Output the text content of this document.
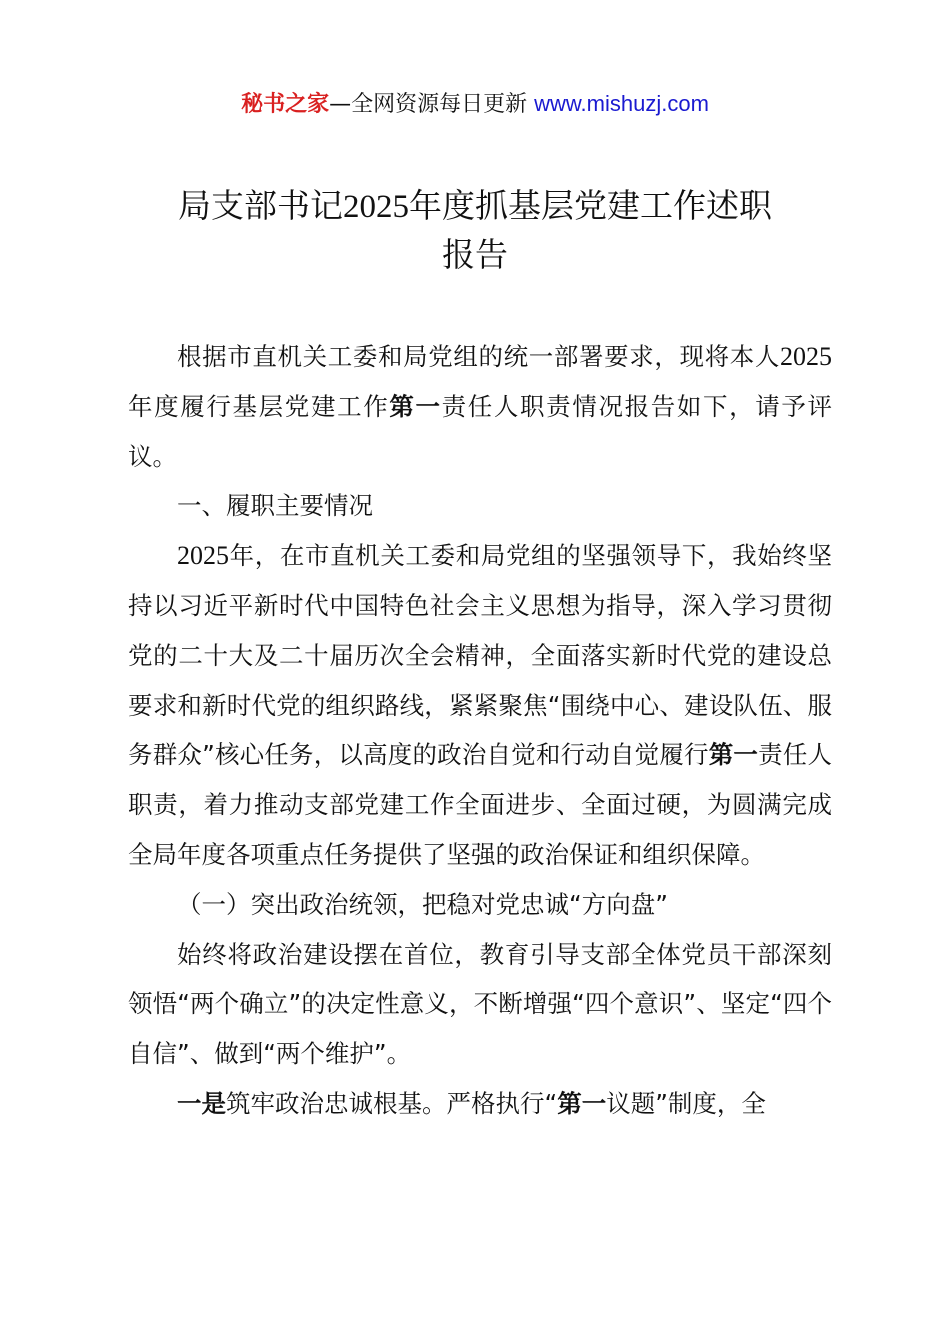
秘书之家—全网资源每日更新 www.mishuzj.com
局支部书记2025年度抓基层党建工作述职
报告

根据市直机关工委和局党组的统一部署要求，现将本人2025年度履行基层党建工作第一责任人职责情况报告如下，请予评议。

一、履职主要情况

2025年，在市直机关工委和局党组的坚强领导下，我始终坚持以习近平新时代中国特色社会主义思想为指导，深入学习贯彻党的二十大及二十届历次全会精神，全面落实新时代党的建设总要求和新时代党的组织路线，紧紧聚焦“围绕中心、建设队伍、服务群众”核心任务，以高度的政治自觉和行动自觉履行第一责任人职责，着力推动支部党建工作全面进步、全面过硬，为圆满完成全局年度各项重点任务提供了坚强的政治保证和组织保障。

（一）突出政治统领，把稳对党忠诚“方向盘”

始终将政治建设摆在首位，教育引导支部全体党员干部深刻领悟“两个确立”的决定性意义，不断增强“四个意识”、坚定“四个自信”、做到“两个维护”。

一是筑牢政治忠诚根基。严格执行“第一议题”制度，全
